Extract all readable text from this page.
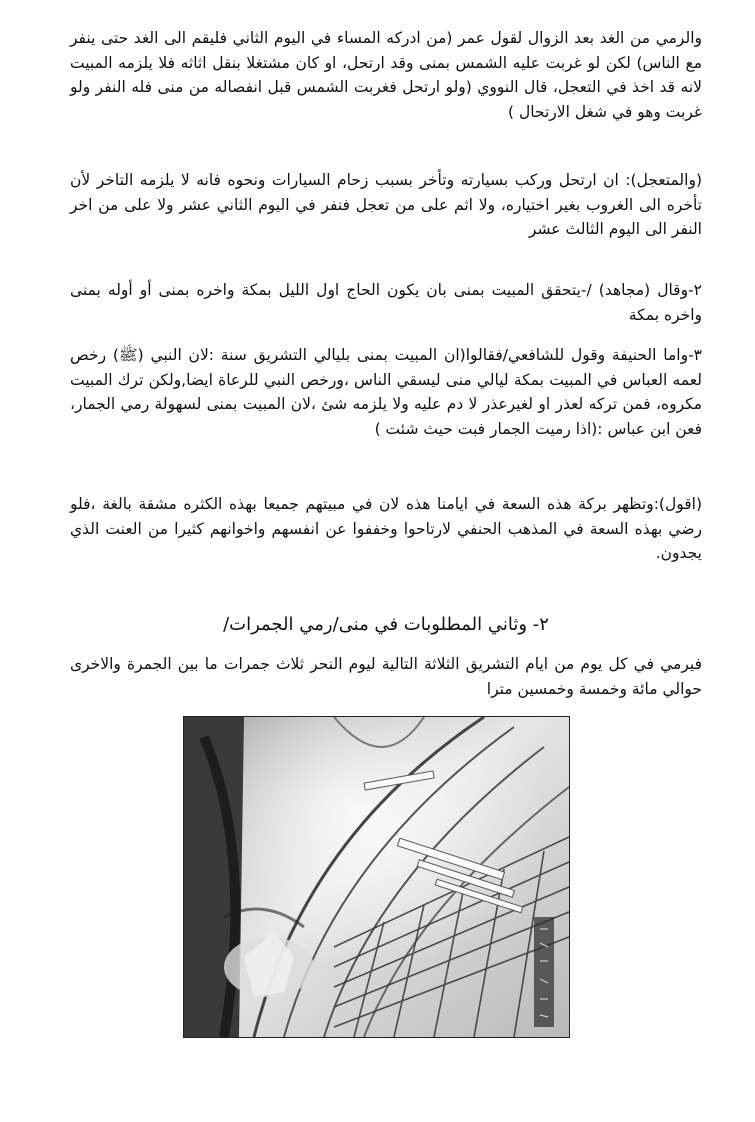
والرمي من الغد بعد الزوال لقول عمر (من ادركه المساء في اليوم الثاني فليقم الى الغد حتى ينفر مع الناس) لكن لو غربت عليه الشمس بمنى وقد ارتحل، او كان مشتغلا بنقل اثاثه فلا يلزمه المبيت لانه قد اخذ في التعجل، قال النووي (ولو ارتحل فغربت الشمس قبل انفصاله من منى فله النفر ولو غربت وهو في شغل الارتحال )

(والمتعجل): ان ارتحل وركب بسيارته وتأخر بسبب زحام السيارات ونحوه فانه لا يلزمه التاخر لأن تأخره الى الغروب بغير اختياره، ولا اثم على من تعجل فنفر في اليوم الثاني عشر ولا على من اخر النفر الى اليوم الثالث عشر

٢-وقال (مجاهد) /-يتحقق المبيت بمنى بان يكون الحاج اول الليل بمكة واخره بمنى أو أوله بمنى واخره بمكة

٣-واما الحنيفة وقول للشافعي/فقالوا(ان المبيت بمنى بليالي التشريق سنة :لان النبي (ﷺ) رخص لعمه العباس في المبيت بمكة ليالي منى ليسقي الناس ،ورخص النبي للرعاة ايضا,ولكن ترك المبيت مكروه، فمن تركه لعذر او لغيرعذر لا دم عليه ولا يلزمه شئ ،لان المبيت بمنى لسهولة رمي الجمار، فعن ابن عباس :(اذا رميت الجمار فبت حيث شئت )

(اقول):وتظهر بركة هذه السعة في ايامنا هذه لان في مبيتهم جميعا بهذه الكثره مشقة بالغة ،فلو رضي بهذه السعة في المذهب الحنفي لارتاحوا وخففوا عن انفسهم واخوانهم كثيرا من العنت الذي يجدون.

٢- وثاني المطلوبات في منى/رمي الجمرات/

فيرمي في كل يوم من ايام التشريق الثلاثة التالية ليوم النحر ثلاث جمرات ما بين الجمرة والاخرى حوالي مائة وخمسة وخمسين مترا
